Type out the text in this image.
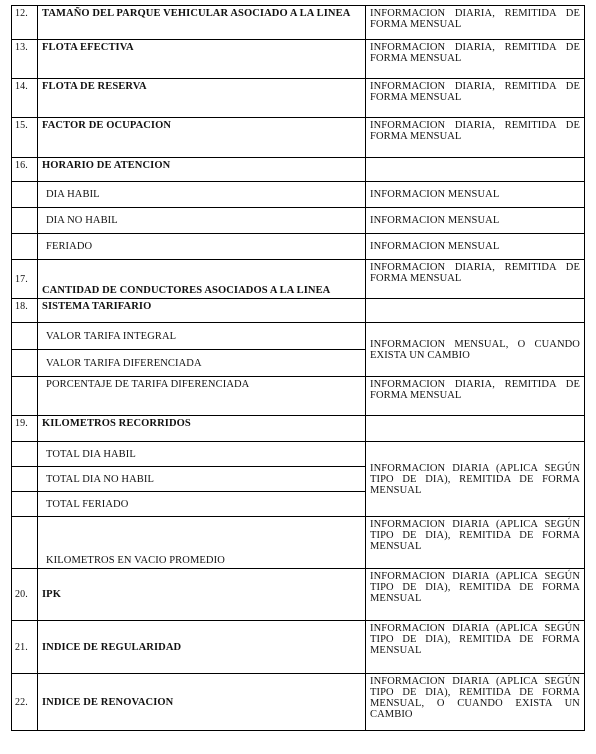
12.	TAMAÑO DEL PARQUE VEHICULAR ASOCIADO A LA LINEA	INFORMACION DIARIA, REMITIDA DE FORMA MENSUAL
13.	FLOTA EFECTIVA	INFORMACION DIARIA, REMITIDA DE FORMA MENSUAL
14.	FLOTA DE RESERVA	INFORMACION DIARIA, REMITIDA DE FORMA MENSUAL
15.	FACTOR DE OCUPACION	INFORMACION DIARIA, REMITIDA DE FORMA MENSUAL
16.	HORARIO DE ATENCION	
	DIA HABIL	INFORMACION MENSUAL
	DIA NO HABIL	INFORMACION MENSUAL
	FERIADO	INFORMACION MENSUAL
17.	CANTIDAD DE CONDUCTORES ASOCIADOS A LA LINEA	INFORMACION DIARIA, REMITIDA DE FORMA MENSUAL
18.	SISTEMA TARIFARIO	
	VALOR TARIFA INTEGRAL	INFORMACION MENSUAL, O CUANDO EXISTA UN CAMBIO
	VALOR TARIFA DIFERENCIADA	
	PORCENTAJE DE TARIFA DIFERENCIADA	INFORMACION DIARIA, REMITIDA DE FORMA MENSUAL
19.	KILOMETROS RECORRIDOS	
	TOTAL DIA HABIL	INFORMACION DIARIA (APLICA SEGÚN TIPO DE DIA), REMITIDA DE FORMA MENSUAL
	TOTAL DIA NO HABIL	
	TOTAL FERIADO	
	KILOMETROS EN VACIO PROMEDIO	INFORMACION DIARIA (APLICA SEGÚN TIPO DE DIA), REMITIDA DE FORMA MENSUAL
20.	IPK	INFORMACION DIARIA (APLICA SEGÚN TIPO DE DIA), REMITIDA DE FORMA MENSUAL
21.	INDICE DE REGULARIDAD	INFORMACION DIARIA (APLICA SEGÚN TIPO DE DIA), REMITIDA DE FORMA MENSUAL
22.	INDICE DE RENOVACION	INFORMACION DIARIA (APLICA SEGÚN TIPO DE DIA), REMITIDA DE FORMA MENSUAL, O CUANDO EXISTA UN CAMBIO
